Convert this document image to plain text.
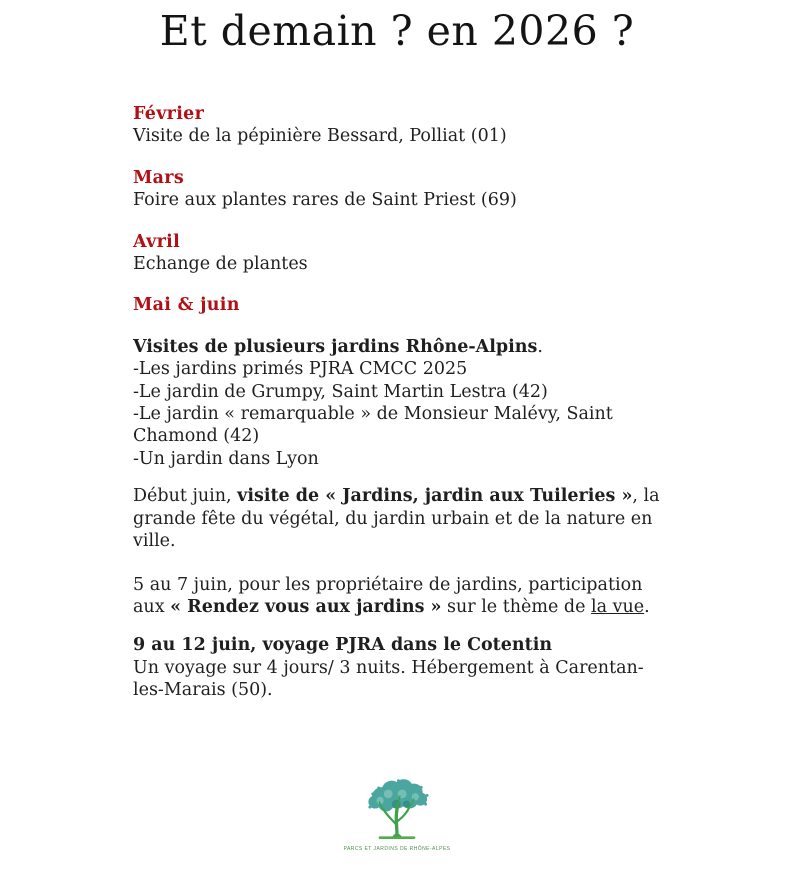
Et demain ? en 2026 ?
Février
Visite de la pépinière Bessard, Polliat (01)
Mars
Foire aux plantes rares de Saint Priest (69)
Avril
Echange de plantes
Mai & juin
Visites de plusieurs jardins Rhône-Alpins.
-Les jardins primés PJRA CMCC 2025
-Le jardin de Grumpy, Saint Martin Lestra (42)
-Le jardin « remarquable » de Monsieur Malévy, Saint
Chamond (42)
-Un jardin dans Lyon
Début juin, visite de « Jardins, jardin aux Tuileries », la
grande fête du végétal, du jardin urbain et de la nature en
ville.
5 au 7 juin, pour les propriétaire de jardins, participation
aux « Rendez vous aux jardins » sur le thème de la vue.
9 au 12 juin, voyage PJRA dans le Cotentin
Un voyage sur 4 jours/ 3 nuits. Hébergement à Carentan-
les-Marais (50).
PARCS ET JARDINS DE RHÔNE-ALPES
